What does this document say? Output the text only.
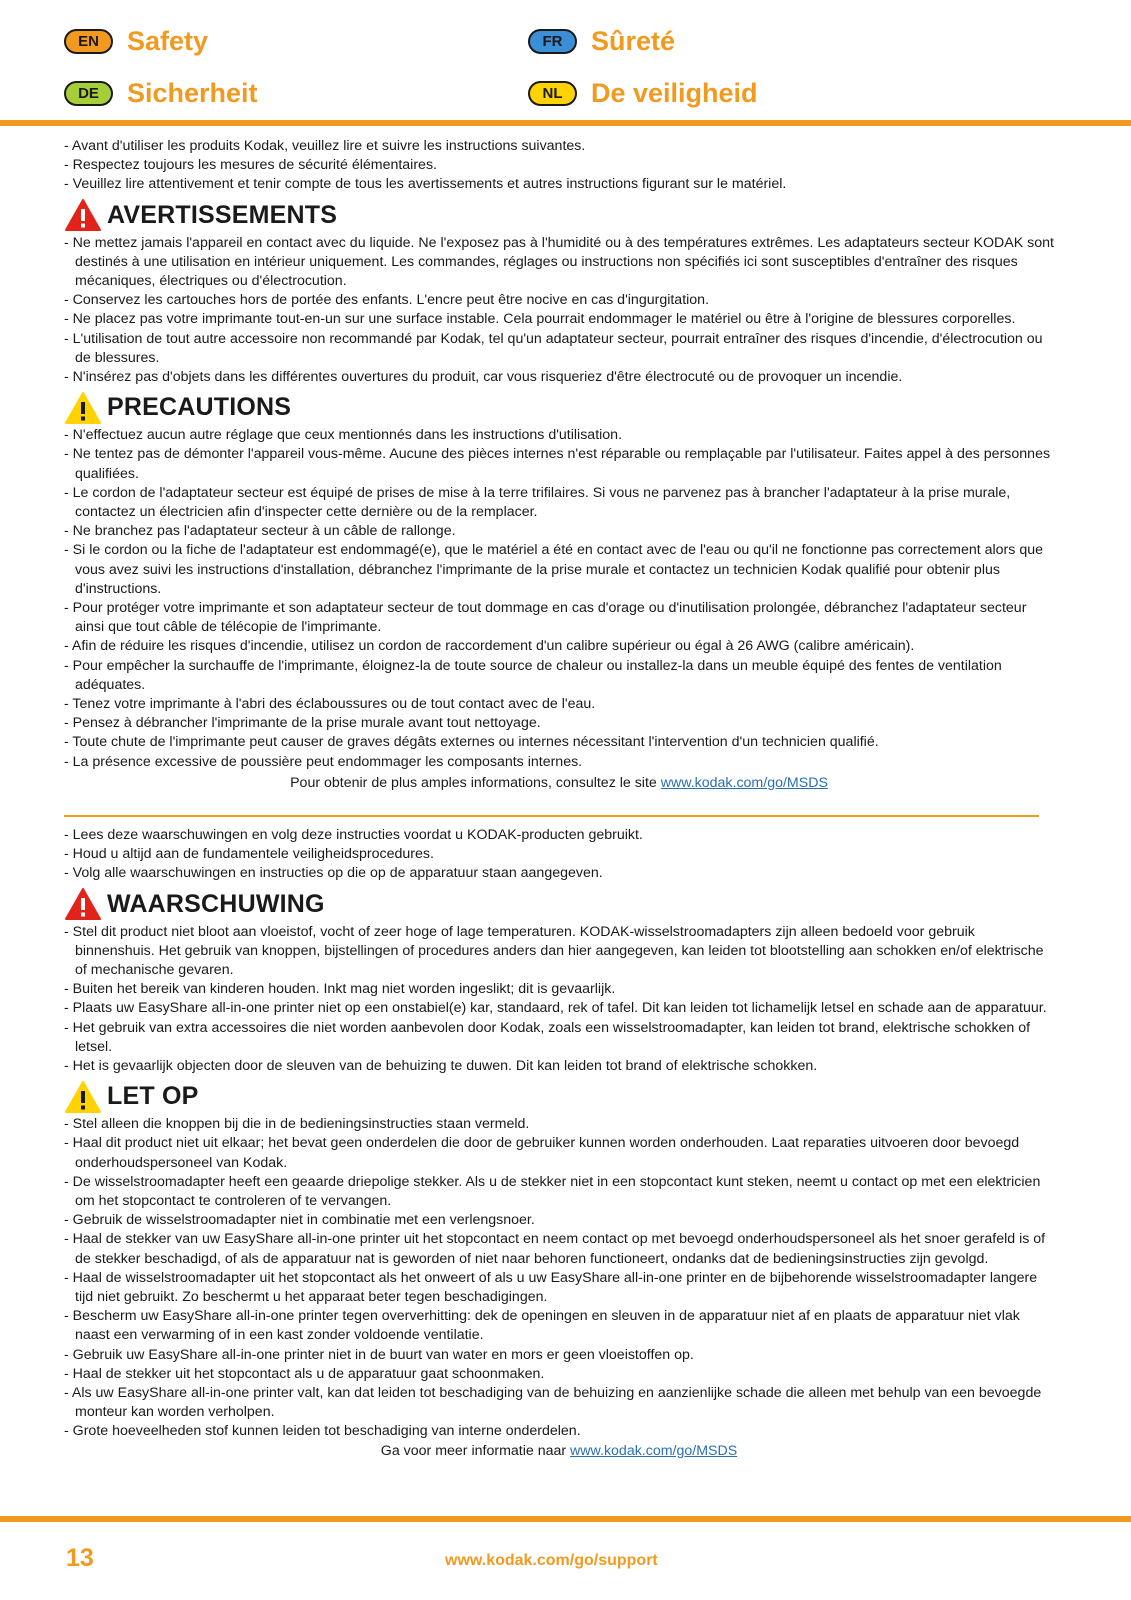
EN	Safety	FR	Sûreté
DE	Sicherheit	NL	De veiligheid
- Avant d'utiliser les produits Kodak, veuillez lire et suivre les instructions suivantes.
- Respectez toujours les mesures de sécurité élémentaires.
- Veuillez lire attentivement et tenir compte de tous les avertissements et autres instructions figurant sur le matériel.
AVERTISSEMENTS
- Ne mettez jamais l'appareil en contact avec du liquide. Ne l'exposez pas à l'humidité ou à des températures extrêmes. Les adaptateurs secteur KODAK sont destinés à une utilisation en intérieur uniquement. Les commandes, réglages ou instructions non spécifiés ici sont susceptibles d'entraîner des risques mécaniques, électriques ou d'électrocution.
- Conservez les cartouches hors de portée des enfants. L'encre peut être nocive en cas d'ingurgitation.
- Ne placez pas votre imprimante tout-en-un sur une surface instable. Cela pourrait endommager le matériel ou être à l'origine de blessures corporelles.
- L'utilisation de tout autre accessoire non recommandé par Kodak, tel qu'un adaptateur secteur, pourrait entraîner des risques d'incendie, d'électrocution ou de blessures.
- N'insérez pas d'objets dans les différentes ouvertures du produit, car vous risqueriez d'être électrocuté ou de provoquer un incendie.
PRECAUTIONS
- N'effectuez aucun autre réglage que ceux mentionnés dans les instructions d'utilisation.
- Ne tentez pas de démonter l'appareil vous-même. Aucune des pièces internes n'est réparable ou remplaçable par l'utilisateur. Faites appel à des personnes qualifiées.
- Le cordon de l'adaptateur secteur est équipé de prises de mise à la terre trifilaires. Si vous ne parvenez pas à brancher l'adaptateur à la prise murale, contactez un électricien afin d'inspecter cette dernière ou de la remplacer.
- Ne branchez pas l'adaptateur secteur à un câble de rallonge.
- Si le cordon ou la fiche de l'adaptateur est endommagé(e), que le matériel a été en contact avec de l'eau ou qu'il ne fonctionne pas correctement alors que vous avez suivi les instructions d'installation, débranchez l'imprimante de la prise murale et contactez un technicien Kodak qualifié pour obtenir plus d'instructions.
- Pour protéger votre imprimante et son adaptateur secteur de tout dommage en cas d'orage ou d'inutilisation prolongée, débranchez l'adaptateur secteur ainsi que tout câble de télécopie de l'imprimante.
- Afin de réduire les risques d'incendie, utilisez un cordon de raccordement d'un calibre supérieur ou égal à 26 AWG (calibre américain).
- Pour empêcher la surchauffe de l'imprimante, éloignez-la de toute source de chaleur ou installez-la dans un meuble équipé des fentes de ventilation adéquates.
- Tenez votre imprimante à l'abri des éclaboussures ou de tout contact avec de l'eau.
- Pensez à débrancher l'imprimante de la prise murale avant tout nettoyage.
- Toute chute de l'imprimante peut causer de graves dégâts externes ou internes nécessitant l'intervention d'un technicien qualifié.
- La présence excessive de poussière peut endommager les composants internes.
Pour obtenir de plus amples informations, consultez le site www.kodak.com/go/MSDS
- Lees deze waarschuwingen en volg deze instructies voordat u KODAK-producten gebruikt.
- Houd u altijd aan de fundamentele veiligheidsprocedures.
- Volg alle waarschuwingen en instructies op die op de apparatuur staan aangegeven.
WAARSCHUWING
- Stel dit product niet bloot aan vloeistof, vocht of zeer hoge of lage temperaturen. KODAK-wisselstroomadapters zijn alleen bedoeld voor gebruik binnenshuis. Het gebruik van knoppen, bijstellingen of procedures anders dan hier aangegeven, kan leiden tot blootstelling aan schokken en/of elektrische of mechanische gevaren.
- Buiten het bereik van kinderen houden. Inkt mag niet worden ingeslikt; dit is gevaarlijk.
- Plaats uw EasyShare all-in-one printer niet op een onstabiel(e) kar, standaard, rek of tafel. Dit kan leiden tot lichamelijk letsel en schade aan de apparatuur.
- Het gebruik van extra accessoires die niet worden aanbevolen door Kodak, zoals een wisselstroomadapter, kan leiden tot brand, elektrische schokken of letsel.
- Het is gevaarlijk objecten door de sleuven van de behuizing te duwen. Dit kan leiden tot brand of elektrische schokken.
LET OP
- Stel alleen die knoppen bij die in de bedieningsinstructies staan vermeld.
- Haal dit product niet uit elkaar; het bevat geen onderdelen die door de gebruiker kunnen worden onderhouden. Laat reparaties uitvoeren door bevoegd onderhoudspersoneel van Kodak.
- De wisselstroomadapter heeft een geaarde driepolige stekker. Als u de stekker niet in een stopcontact kunt steken, neemt u contact op met een elektricien om het stopcontact te controleren of te vervangen.
- Gebruik de wisselstroomadapter niet in combinatie met een verlengsnoer.
- Haal de stekker van uw EasyShare all-in-one printer uit het stopcontact en neem contact op met bevoegd onderhoudspersoneel als het snoer gerafeld is of de stekker beschadigd, of als de apparatuur nat is geworden of niet naar behoren functioneert, ondanks dat de bedieningsinstructies zijn gevolgd.
- Haal de wisselstroomadapter uit het stopcontact als het onweert of als u uw EasyShare all-in-one printer en de bijbehorende wisselstroomadapter langere tijd niet gebruikt. Zo beschermt u het apparaat beter tegen beschadigingen.
- Bescherm uw EasyShare all-in-one printer tegen oververhitting: dek de openingen en sleuven in de apparatuur niet af en plaats de apparatuur niet vlak naast een verwarming of in een kast zonder voldoende ventilatie.
- Gebruik uw EasyShare all-in-one printer niet in de buurt van water en mors er geen vloeistoffen op.
- Haal de stekker uit het stopcontact als u de apparatuur gaat schoonmaken.
- Als uw EasyShare all-in-one printer valt, kan dat leiden tot beschadiging van de behuizing en aanzienlijke schade die alleen met behulp van een bevoegde monteur kan worden verholpen.
- Grote hoeveelheden stof kunnen leiden tot beschadiging van interne onderdelen.
Ga voor meer informatie naar www.kodak.com/go/MSDS
13	www.kodak.com/go/support
